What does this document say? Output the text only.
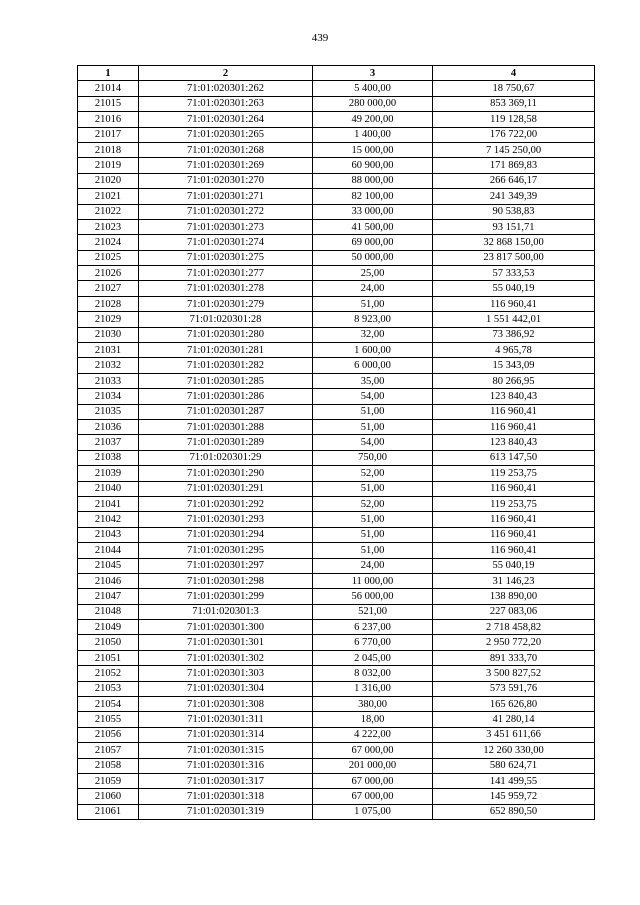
439
1	2	3	4
21014	71:01:020301:262	5 400,00	18 750,67
21015	71:01:020301:263	280 000,00	853 369,11
21016	71:01:020301:264	49 200,00	119 128,58
21017	71:01:020301:265	1 400,00	176 722,00
21018	71:01:020301:268	15 000,00	7 145 250,00
21019	71:01:020301:269	60 900,00	171 869,83
21020	71:01:020301:270	88 000,00	266 646,17
21021	71:01:020301:271	82 100,00	241 349,39
21022	71:01:020301:272	33 000,00	90 538,83
21023	71:01:020301:273	41 500,00	93 151,71
21024	71:01:020301:274	69 000,00	32 868 150,00
21025	71:01:020301:275	50 000,00	23 817 500,00
21026	71:01:020301:277	25,00	57 333,53
21027	71:01:020301:278	24,00	55 040,19
21028	71:01:020301:279	51,00	116 960,41
21029	71:01:020301:28	8 923,00	1 551 442,01
21030	71:01:020301:280	32,00	73 386,92
21031	71:01:020301:281	1 600,00	4 965,78
21032	71:01:020301:282	6 000,00	15 343,09
21033	71:01:020301:285	35,00	80 266,95
21034	71:01:020301:286	54,00	123 840,43
21035	71:01:020301:287	51,00	116 960,41
21036	71:01:020301:288	51,00	116 960,41
21037	71:01:020301:289	54,00	123 840,43
21038	71:01:020301:29	750,00	613 147,50
21039	71:01:020301:290	52,00	119 253,75
21040	71:01:020301:291	51,00	116 960,41
21041	71:01:020301:292	52,00	119 253,75
21042	71:01:020301:293	51,00	116 960,41
21043	71:01:020301:294	51,00	116 960,41
21044	71:01:020301:295	51,00	116 960,41
21045	71:01:020301:297	24,00	55 040,19
21046	71:01:020301:298	11 000,00	31 146,23
21047	71:01:020301:299	56 000,00	138 890,00
21048	71:01:020301:3	521,00	227 083,06
21049	71:01:020301:300	6 237,00	2 718 458,82
21050	71:01:020301:301	6 770,00	2 950 772,20
21051	71:01:020301:302	2 045,00	891 333,70
21052	71:01:020301:303	8 032,00	3 500 827,52
21053	71:01:020301:304	1 316,00	573 591,76
21054	71:01:020301:308	380,00	165 626,80
21055	71:01:020301:311	18,00	41 280,14
21056	71:01:020301:314	4 222,00	3 451 611,66
21057	71:01:020301:315	67 000,00	12 260 330,00
21058	71:01:020301:316	201 000,00	580 624,71
21059	71:01:020301:317	67 000,00	141 499,55
21060	71:01:020301:318	67 000,00	145 959,72
21061	71:01:020301:319	1 075,00	652 890,50
